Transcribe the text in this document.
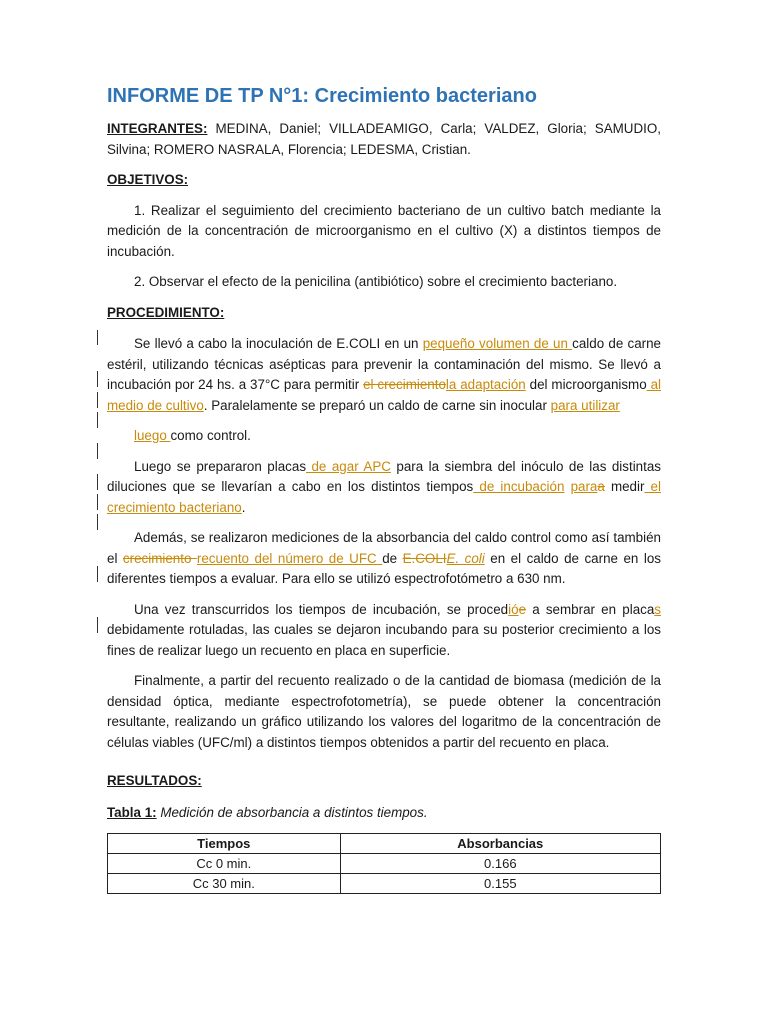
INFORME DE TP N°1: Crecimiento bacteriano

INTEGRANTES: MEDINA, Daniel; VILLADEAMIGO, Carla; VALDEZ, Gloria; SAMUDIO, Silvina; ROMERO NASRALA, Florencia; LEDESMA, Cristian.

OBJETIVOS:

1. Realizar el seguimiento del crecimiento bacteriano de un cultivo batch mediante la medición de la concentración de microorganismo en el cultivo (X) a distintos tiempos de incubación.

2. Observar el efecto de la penicilina (antibiótico) sobre el crecimiento bacteriano.

PROCEDIMIENTO:

Se llevó a cabo la inoculación de E.COLI en un pequeño volumen de un caldo de carne estéril, utilizando técnicas asépticas para prevenir la contaminación del mismo. Se llevó a incubación por 24 hs. a 37°C para permitir el crecimientola adaptación del microorganismo al medio de cultivo. Paralelamente se preparó un caldo de carne sin inocular para utilizar

luego como control.

Luego se prepararon placas de agar APC para la siembra del inóculo de las distintas diluciones que se llevarían a cabo en los distintos tiempos de incubación paraa medir el crecimiento bacteriano.

Además, se realizaron mediciones de la absorbancia del caldo control como así también el crecimiento recuento del número de UFC de E.COLIE. coli en el caldo de carne en los diferentes tiempos a evaluar. Para ello se utilizó espectrofotómetro a 630 nm.

Una vez transcurridos los tiempos de incubación, se procedióe a sembrar en placas debidamente rotuladas, las cuales se dejaron incubando para su posterior crecimiento a los fines de realizar luego un recuento en placa en superficie.

Finalmente, a partir del recuento realizado o de la cantidad de biomasa (medición de la densidad óptica, mediante espectrofotometría), se puede obtener la concentración resultante, realizando un gráfico utilizando los valores del logaritmo de la concentración de células viables (UFC/ml) a distintos tiempos obtenidos a partir del recuento en placa.

RESULTADOS:

Tabla 1: Medición de absorbancia a distintos tiempos.

Tiempos	Absorbancias
Cc 0 min.	0.166
Cc 30 min.	0.155
